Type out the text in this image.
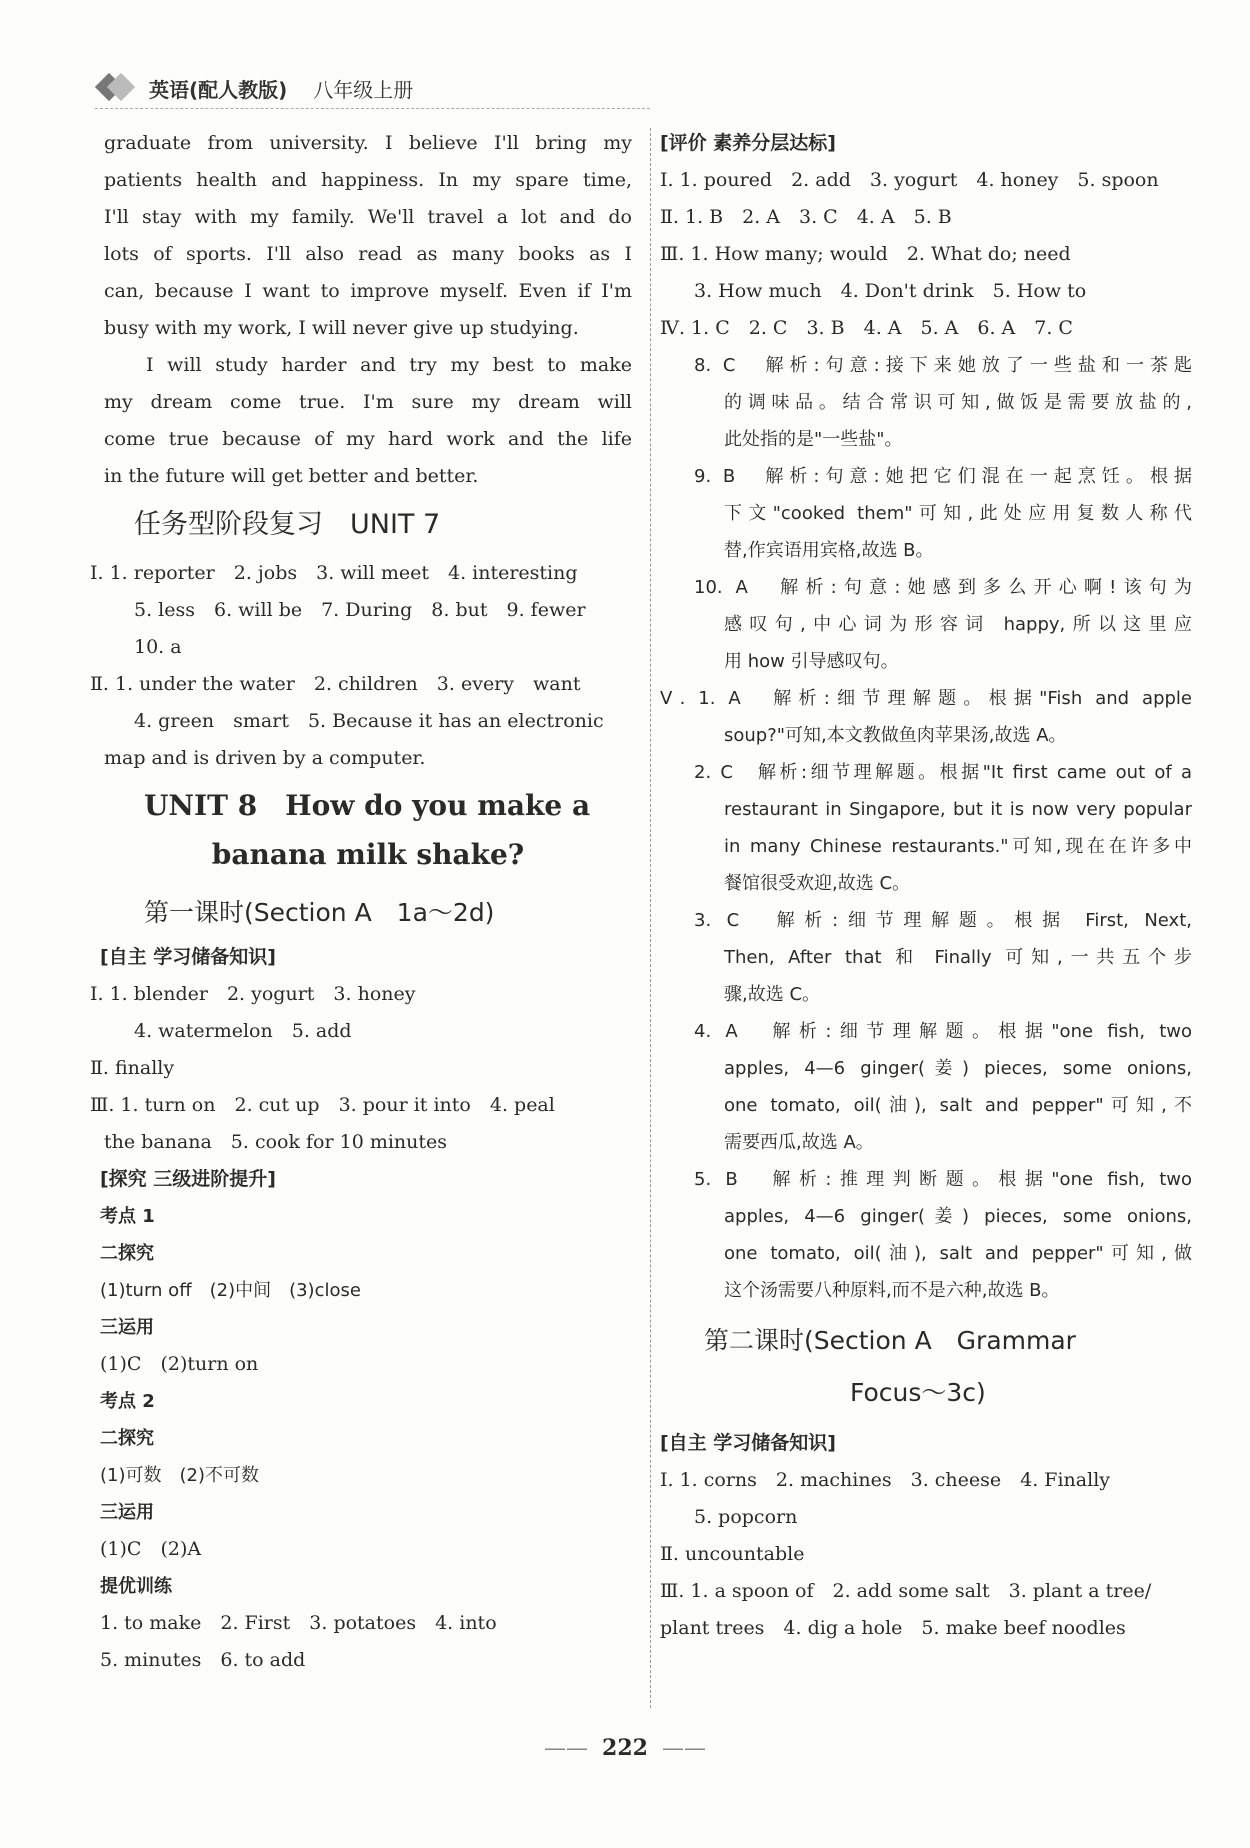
英语(配人教版) 八年级上册
graduate from university. I believe I'll bring my
patients health and happiness. In my spare time,
I'll stay with my family. We'll travel a lot and do
lots of sports. I'll also read as many books as I
can, because I want to improve myself. Even if I'm
busy with my work, I will never give up studying.
I will study harder and try my best to make
my dream come true. I'm sure my dream will
come true because of my hard work and the life
in the future will get better and better.
任务型阶段复习　UNIT 7
Ⅰ. 1. reporter　2. jobs　3. will meet　4. interesting
5. less　6. will be　7. During　8. but　9. fewer
10. a
Ⅱ. 1. under the water　2. children　3. every　want
4. green　smart　5. Because it has an electronic
map and is driven by a computer.
UNIT 8　How do you make a
banana milk shake?
第一课时(Section A　1a～2d)
[自主 学习储备知识]
Ⅰ. 1. blender　2. yogurt　3. honey
4. watermelon　5. add
Ⅱ. finally
Ⅲ. 1. turn on　2. cut up　3. pour it into　4. peal
the banana　5. cook for 10 minutes
[探究 三级进阶提升]
考点 1
二探究
(1)turn off　(2)中间　(3)close
三运用
(1)C　(2)turn on
考点 2
二探究
(1)可数　(2)不可数
三运用
(1)C　(2)A
提优训练
1. to make　2. First　3. potatoes　4. into
5. minutes　6. to add
[评价 素养分层达标]
Ⅰ. 1. poured　2. add　3. yogurt　4. honey　5. spoon
Ⅱ. 1. B　2. A　3. C　4. A　5. B
Ⅲ. 1. How many; would　2. What do; need
3. How much　4. Don't drink　5. How to
Ⅳ. 1. C　2. C　3. B　4. A　5. A　6. A　7. C
8. C　解析:句意:接下来她放了一些盐和一茶匙
的调味品。结合常识可知,做饭是需要放盐的,
此处指的是"一些盐"。
9. B　解析:句意:她把它们混在一起烹饪。根据
下文"cooked them"可知,此处应用复数人称代
替,作宾语用宾格,故选 B。
10. A　解析:句意:她感到多么开心啊!该句为
感叹句,中心词为形容词 happy,所以这里应
用 how 引导感叹句。
Ⅴ. 1. A　解析:细节理解题。根据"Fish and apple
soup?"可知,本文教做鱼肉苹果汤,故选 A。
2. C　解析:细节理解题。根据"It first came out of a
restaurant in Singapore, but it is now very popular
in many Chinese restaurants."可知,现在在许多中
餐馆很受欢迎,故选 C。
3. C　解析:细节理解题。根据 First, Next,
Then, After that 和 Finally 可知,一共五个步
骤,故选 C。
4. A　解析:细节理解题。根据"one fish, two
apples, 4—6 ginger(姜) pieces, some onions,
one tomato, oil(油), salt and pepper"可知,不
需要西瓜,故选 A。
5. B　解析:推理判断题。根据"one fish, two
apples, 4—6 ginger(姜) pieces, some onions,
one tomato, oil(油), salt and pepper"可知,做
这个汤需要八种原料,而不是六种,故选 B。
第二课时(Section A　Grammar
Focus～3c)
[自主 学习储备知识]
Ⅰ. 1. corns　2. machines　3. cheese　4. Finally
5. popcorn
Ⅱ. uncountable
Ⅲ. 1. a spoon of　2. add some salt　3. plant a tree/
plant trees　4. dig a hole　5. make beef noodles
—— 222 ——
